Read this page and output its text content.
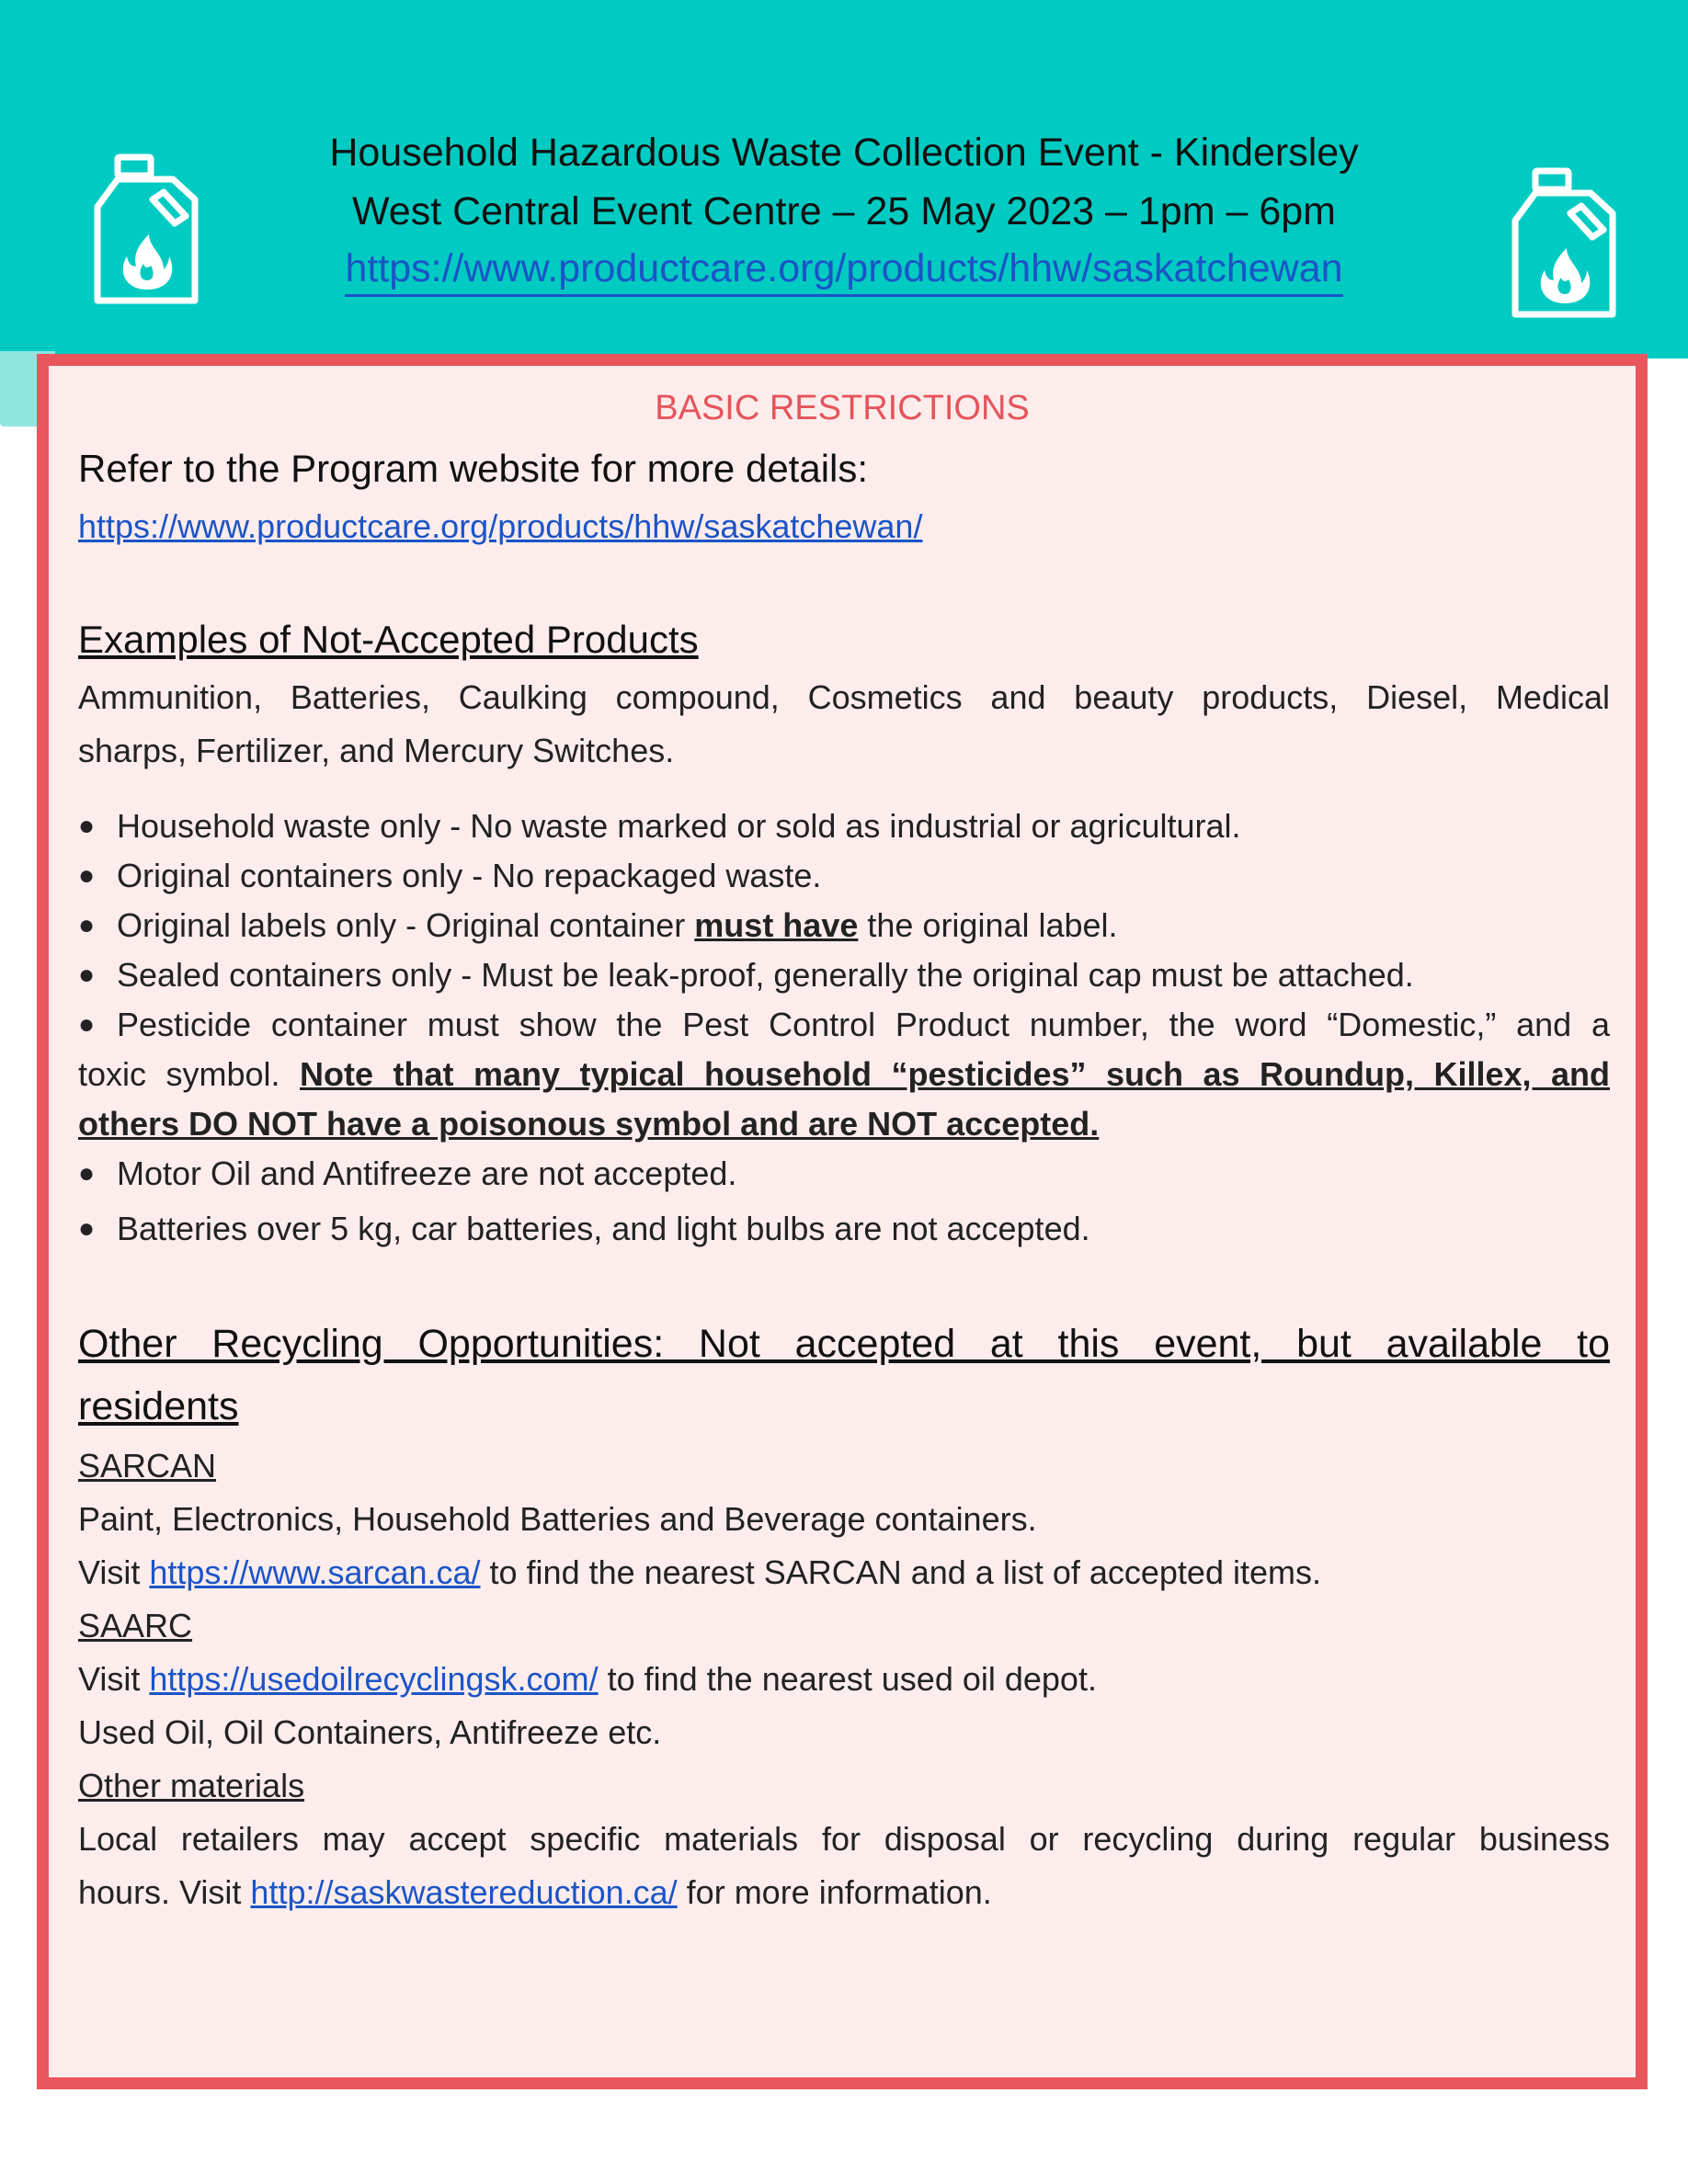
Household Hazardous Waste Collection Event - Kindersley
West Central Event Centre – 25 May 2023 – 1pm – 6pm
https://www.productcare.org/products/hhw/saskatchewan
BASIC RESTRICTIONS
Refer to the Program website for more details:
https://www.productcare.org/products/hhw/saskatchewan/
Examples of Not-Accepted Products
Ammunition, Batteries, Caulking compound, Cosmetics and beauty products, Diesel, Medical
sharps, Fertilizer, and Mercury Switches.
● Household waste only - No waste marked or sold as industrial or agricultural.
● Original containers only - No repackaged waste.
● Original labels only - Original container must have the original label.
● Sealed containers only - Must be leak-proof, generally the original cap must be attached.
● Pesticide container must show the Pest Control Product number, the word “Domestic,” and a
toxic symbol. Note that many typical household “pesticides” such as Roundup, Killex, and
others DO NOT have a poisonous symbol and are NOT accepted.
● Motor Oil and Antifreeze are not accepted.
● Batteries over 5 kg, car batteries, and light bulbs are not accepted.
Other Recycling Opportunities: Not accepted at this event, but available to
residents
SARCAN
Paint, Electronics, Household Batteries and Beverage containers.
Visit https://www.sarcan.ca/ to find the nearest SARCAN and a list of accepted items.
SAARC
Visit https://usedoilrecyclingsk.com/ to find the nearest used oil depot.
Used Oil, Oil Containers, Antifreeze etc.
Other materials
Local retailers may accept specific materials for disposal or recycling during regular business
hours. Visit http://saskwastereduction.ca/ for more information.
